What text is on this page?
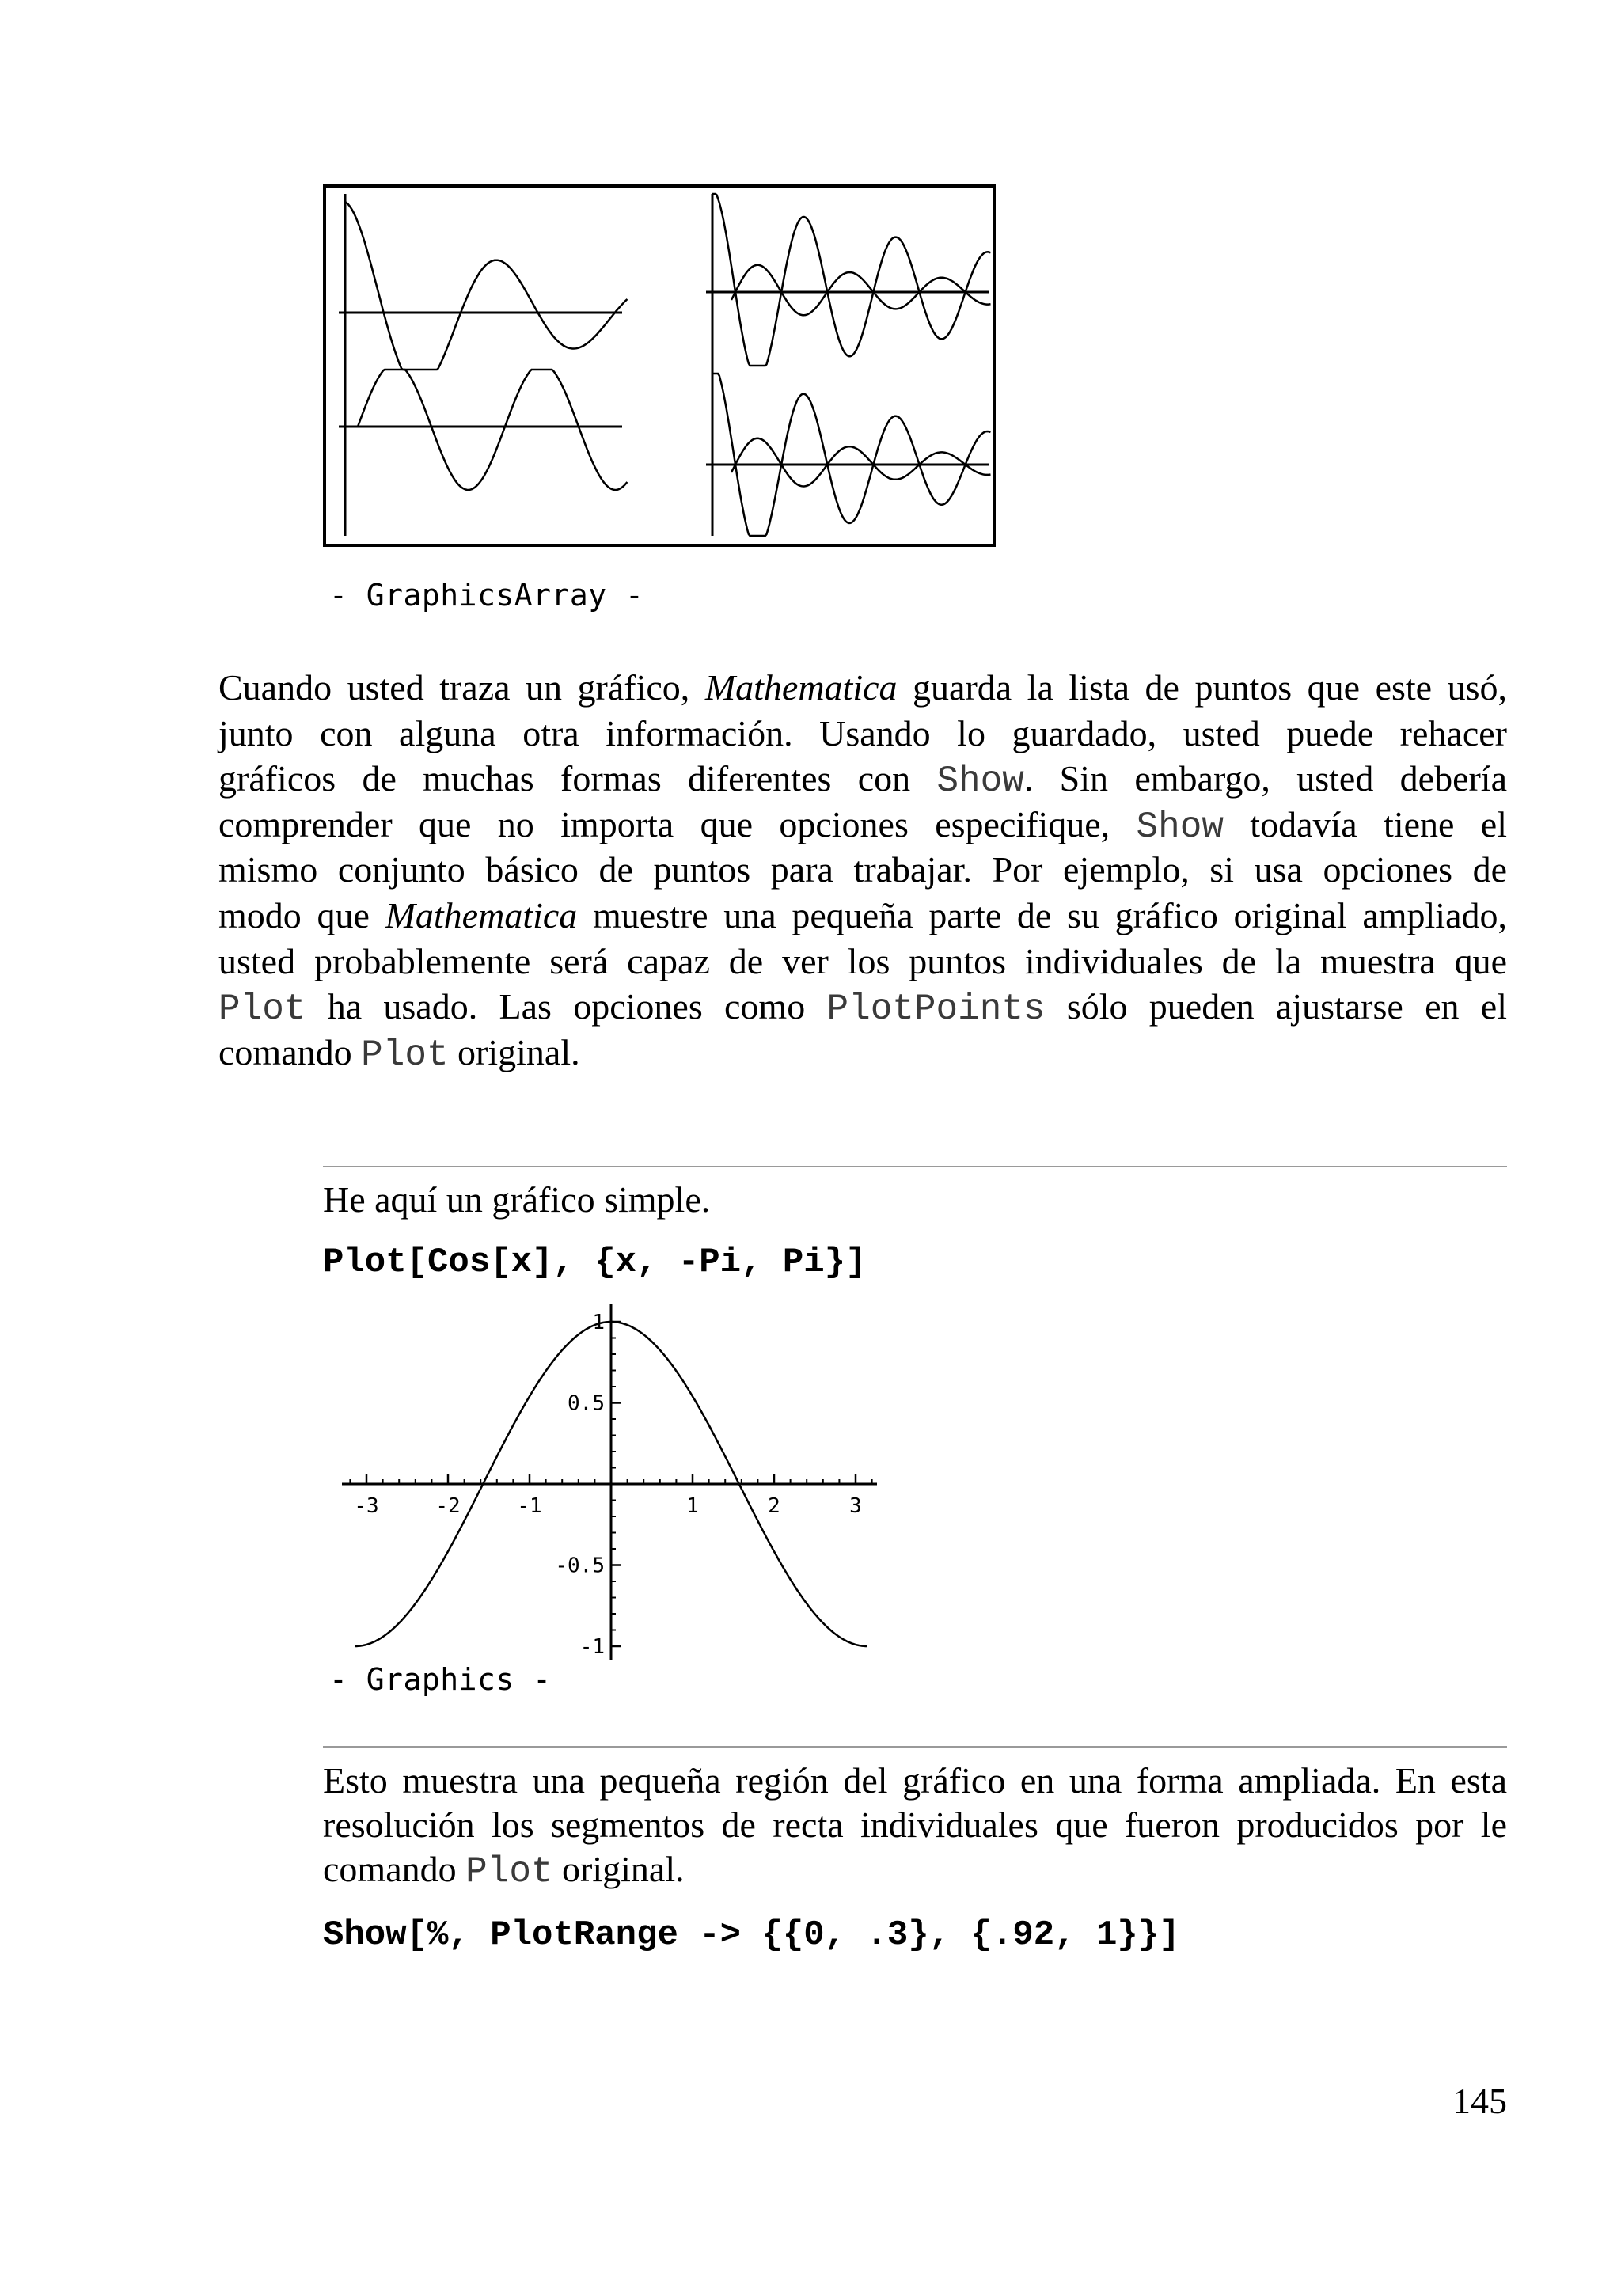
- GraphicsArray -
Cuando usted traza un gráfico, Mathematica guarda la lista de puntos que este usó,
junto con alguna otra información. Usando lo guardado, usted puede rehacer
gráficos de muchas formas diferentes con Show. Sin embargo, usted debería
comprender que no importa que opciones especifique, Show todavía tiene el
mismo conjunto básico de puntos para trabajar. Por ejemplo, si usa opciones de
modo que Mathematica muestre una pequeña parte de su gráfico original ampliado,
usted probablemente será capaz de ver los puntos individuales de la muestra que
Plot ha usado. Las opciones como PlotPoints sólo pueden ajustarse en el
comando Plot original.
He aquí un gráfico simple.
Plot[Cos[x], {x, -Pi, Pi}]
-3	-2	-1	1	2	3
1
0.5
-0.5
-1
- Graphics -
Esto muestra una pequeña región del gráfico en una forma ampliada. En esta
resolución los segmentos de recta individuales que fueron producidos por le
comando Plot original.
Show[%, PlotRange -> {{0, .3}, {.92, 1}}]
145
